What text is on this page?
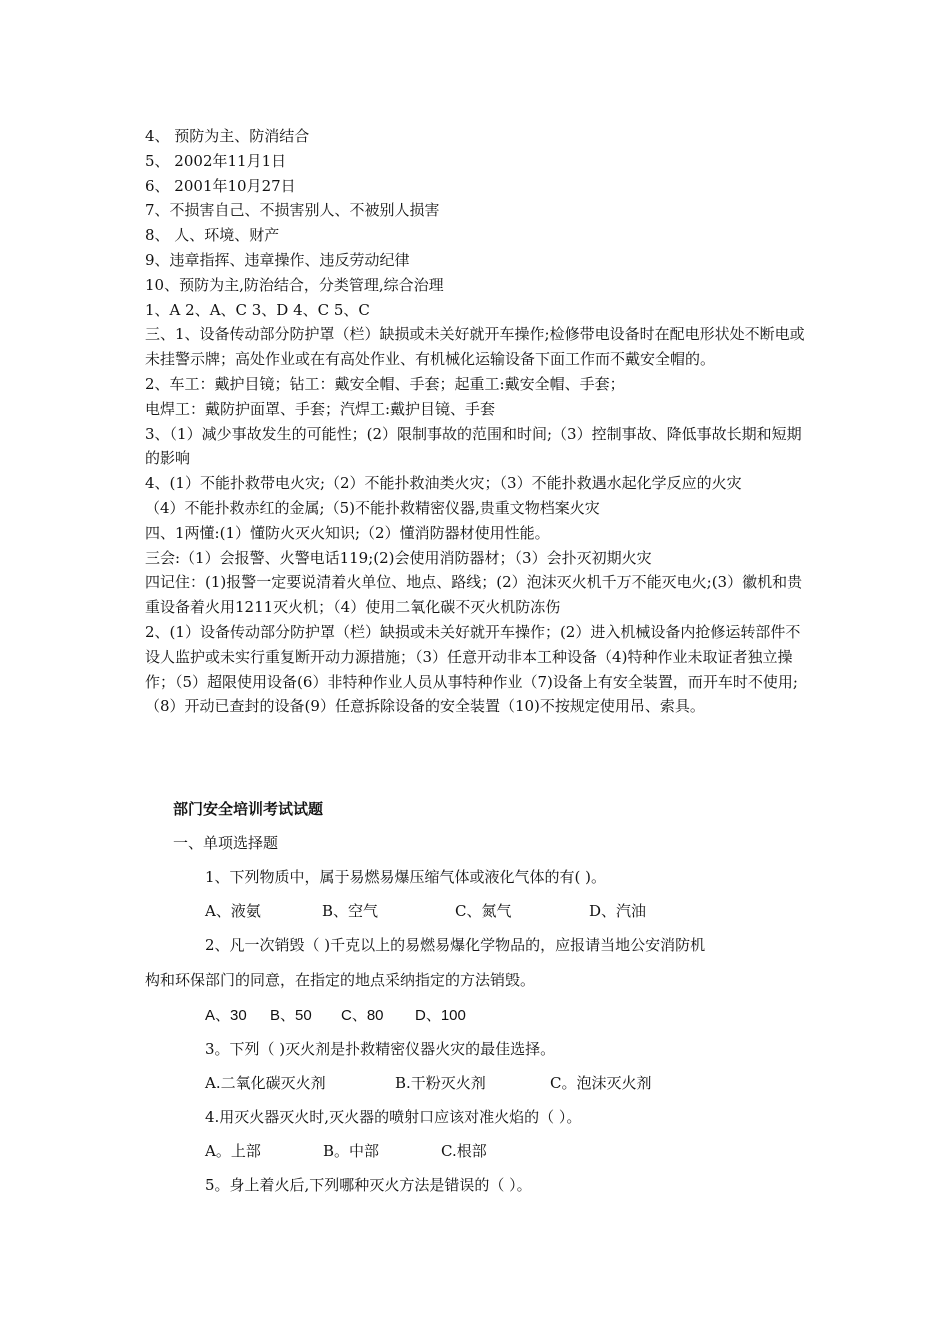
4、 预防为主、防消结合

5、 2002年11月1日

6、 2001年10月27日

7、不损害自己、不损害别人、不被别人损害

8、 人、环境、财产

9、违章指挥、违章操作、违反劳动纪律

10、预防为主,防治结合，分类管理,综合治理

1、A 2、A、C 3、D 4、C 5、C

三、1、设备传动部分防护罩（栏）缺损或未关好就开车操作;检修带电设备时在配电形状处不断电或未挂警示牌；高处作业或在有高处作业、有机械化运输设备下面工作而不戴安全帽的。

2、车工：戴护目镜；钻工：戴安全帽、手套；起重工:戴安全帽、手套；

电焊工：戴防护面罩、手套；汽焊工:戴护目镜、手套

3、（1）减少事故发生的可能性；(2）限制事故的范围和时间;（3）控制事故、降低事故长期和短期的影响

4、(1）不能扑救带电火灾;（2）不能扑救油类火灾；（3）不能扑救遇水起化学反应的火灾

（4）不能扑救赤红的金属;（5)不能扑救精密仪器,贵重文物档案火灾

四、1两懂:(1）懂防火灭火知识;（2）懂消防器材使用性能。

三会:（1）会报警、火警电话119;(2)会使用消防器材；（3）会扑灭初期火灾

四记住：(1)报警一定要说清着火单位、地点、路线；(2）泡沫灭火机千万不能灭电火;(3）徽机和贵重设备着火用1211灭火机；（4）使用二氧化碳不灭火机防冻伤

2、(1）设备传动部分防护罩（栏）缺损或未关好就开车操作；(2）进入机械设备内抢修运转部件不设人监护或未实行重复断开动力源措施；（3）任意开动非本工种设备（4)特种作业未取证者独立操作；（5）超限使用设备(6）非特种作业人员从事特种作业（7)设备上有安全装置，而开车时不使用;（8）开动已查封的设备(9）任意拆除设备的安全装置（10)不按规定使用吊、索具。

部门安全培训考试试题
一、单项选择题
1、下列物质中，属于易燃易爆压缩气体或液化气体的有( )。
A、液氨	B、空气	C、氮气	D、汽油
2、凡一次销毁（ )千克以上的易燃易爆化学物品的，应报请当地公安消防机
构和环保部门的同意，在指定的地点采纳指定的方法销毁。
A、30 B、50 C、80 D、100
3。下列（ )灭火剂是扑救精密仪器火灾的最佳选择。
A.二氧化碳灭火剂	B.干粉灭火剂	C。泡沫灭火剂
4.用灭火器灭火时,灭火器的喷射口应该对准火焰的（ ）。
A。上部	B。中部	C.根部
5。身上着火后,下列哪种灭火方法是错误的（ ）。
